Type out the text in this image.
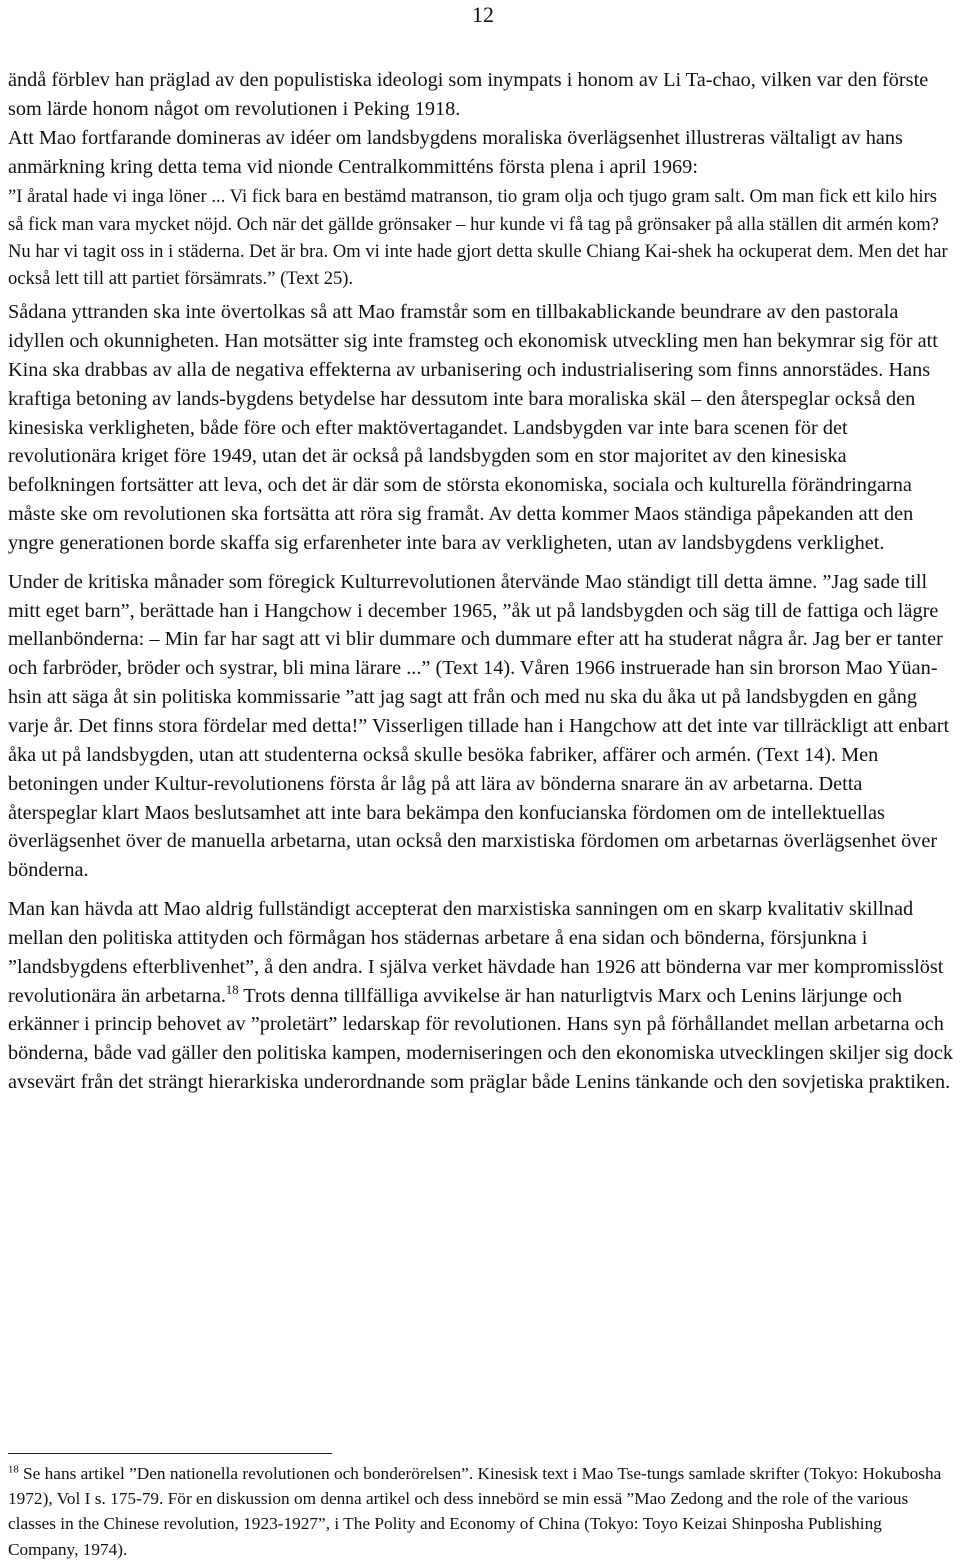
12

ändå förblev han präglad av den populistiska ideologi som inympats i honom av Li Ta-chao, vilken var den förste som lärde honom något om revolutionen i Peking 1918.

Att Mao fortfarande domineras av idéer om landsbygdens moraliska överlägsenhet illustreras vältaligt av hans anmärkning kring detta tema vid nionde Centralkommitténs första plena i april 1969:

”I åratal hade vi inga löner ... Vi fick bara en bestämd matranson, tio gram olja och tjugo gram salt. Om man fick ett kilo hirs så fick man vara mycket nöjd. Och när det gällde grönsaker – hur kunde vi få tag på grönsaker på alla ställen dit armén kom? Nu har vi tagit oss in i städerna. Det är bra. Om vi inte hade gjort detta skulle Chiang Kai-shek ha ockuperat dem. Men det har också lett till att partiet försämrats.” (Text 25).

Sådana yttranden ska inte övertolkas så att Mao framstår som en tillbakablickande beundrare av den pastorala idyllen och okunnigheten. Han motsätter sig inte framsteg och ekonomisk utveckling men han bekymrar sig för att Kina ska drabbas av alla de negativa effekterna av urbanisering och industrialisering som finns annorstädes. Hans kraftiga betoning av lands-bygdens betydelse har dessutom inte bara moraliska skäl – den återspeglar också den kinesiska verkligheten, både före och efter maktövertagandet. Landsbygden var inte bara scenen för det revolutionära kriget före 1949, utan det är också på landsbygden som en stor majoritet av den kinesiska befolkningen fortsätter att leva, och det är där som de största ekonomiska, sociala och kulturella förändringarna måste ske om revolutionen ska fortsätta att röra sig framåt. Av detta kommer Maos ständiga påpekanden att den yngre generationen borde skaffa sig erfarenheter inte bara av verkligheten, utan av landsbygdens verklighet.

Under de kritiska månader som föregick Kulturrevolutionen återvände Mao ständigt till detta ämne. ”Jag sade till mitt eget barn”, berättade han i Hangchow i december 1965, ”åk ut på landsbygden och säg till de fattiga och lägre mellanbönderna: – Min far har sagt att vi blir dummare och dummare efter att ha studerat några år. Jag ber er tanter och farbröder, bröder och systrar, bli mina lärare ...” (Text 14). Våren 1966 instruerade han sin brorson Mao Yüan-hsin att säga åt sin politiska kommissarie ”att jag sagt att från och med nu ska du åka ut på landsbygden en gång varje år. Det finns stora fördelar med detta!” Visserligen tillade han i Hangchow att det inte var tillräckligt att enbart åka ut på landsbygden, utan att studenterna också skulle besöka fabriker, affärer och armén. (Text 14). Men betoningen under Kultur-revolutionens första år låg på att lära av bönderna snarare än av arbetarna. Detta återspeglar klart Maos beslutsamhet att inte bara bekämpa den konfucianska fördomen om de intellektuellas överlägsenhet över de manuella arbetarna, utan också den marxistiska fördomen om arbetarnas överlägsenhet över bönderna.

Man kan hävda att Mao aldrig fullständigt accepterat den marxistiska sanningen om en skarp kvalitativ skillnad mellan den politiska attityden och förmågan hos städernas arbetare å ena sidan och bönderna, försjunkna i ”landsbygdens efterblivenhet”, å den andra. I själva verket hävdade han 1926 att bönderna var mer kompromisslöst revolutionära än arbetarna.$^{18}$ Trots denna tillfälliga avvikelse är han naturligtvis Marx och Lenins lärjunge och erkänner i princip behovet av ”proletärt” ledarskap för revolutionen. Hans syn på förhållandet mellan arbetarna och bönderna, både vad gäller den politiska kampen, moderniseringen och den ekonomiska utvecklingen skiljer sig dock avsevärt från det strängt hierarkiska underordnande som präglar både Lenins tänkande och den sovjetiska praktiken.

$^{18}$ Se hans artikel ”Den nationella revolutionen och bonderörelsen”. Kinesisk text i Mao Tse-tungs samlade skrifter (Tokyo: Hokubosha 1972), Vol I s. 175-79. För en diskussion om denna artikel och dess innebörd se min essä ”Mao Zedong and the role of the various classes in the Chinese revolution, 1923-1927”, i The Polity and Economy of China (Tokyo: Toyo Keizai Shinposha Publishing Company, 1974).
